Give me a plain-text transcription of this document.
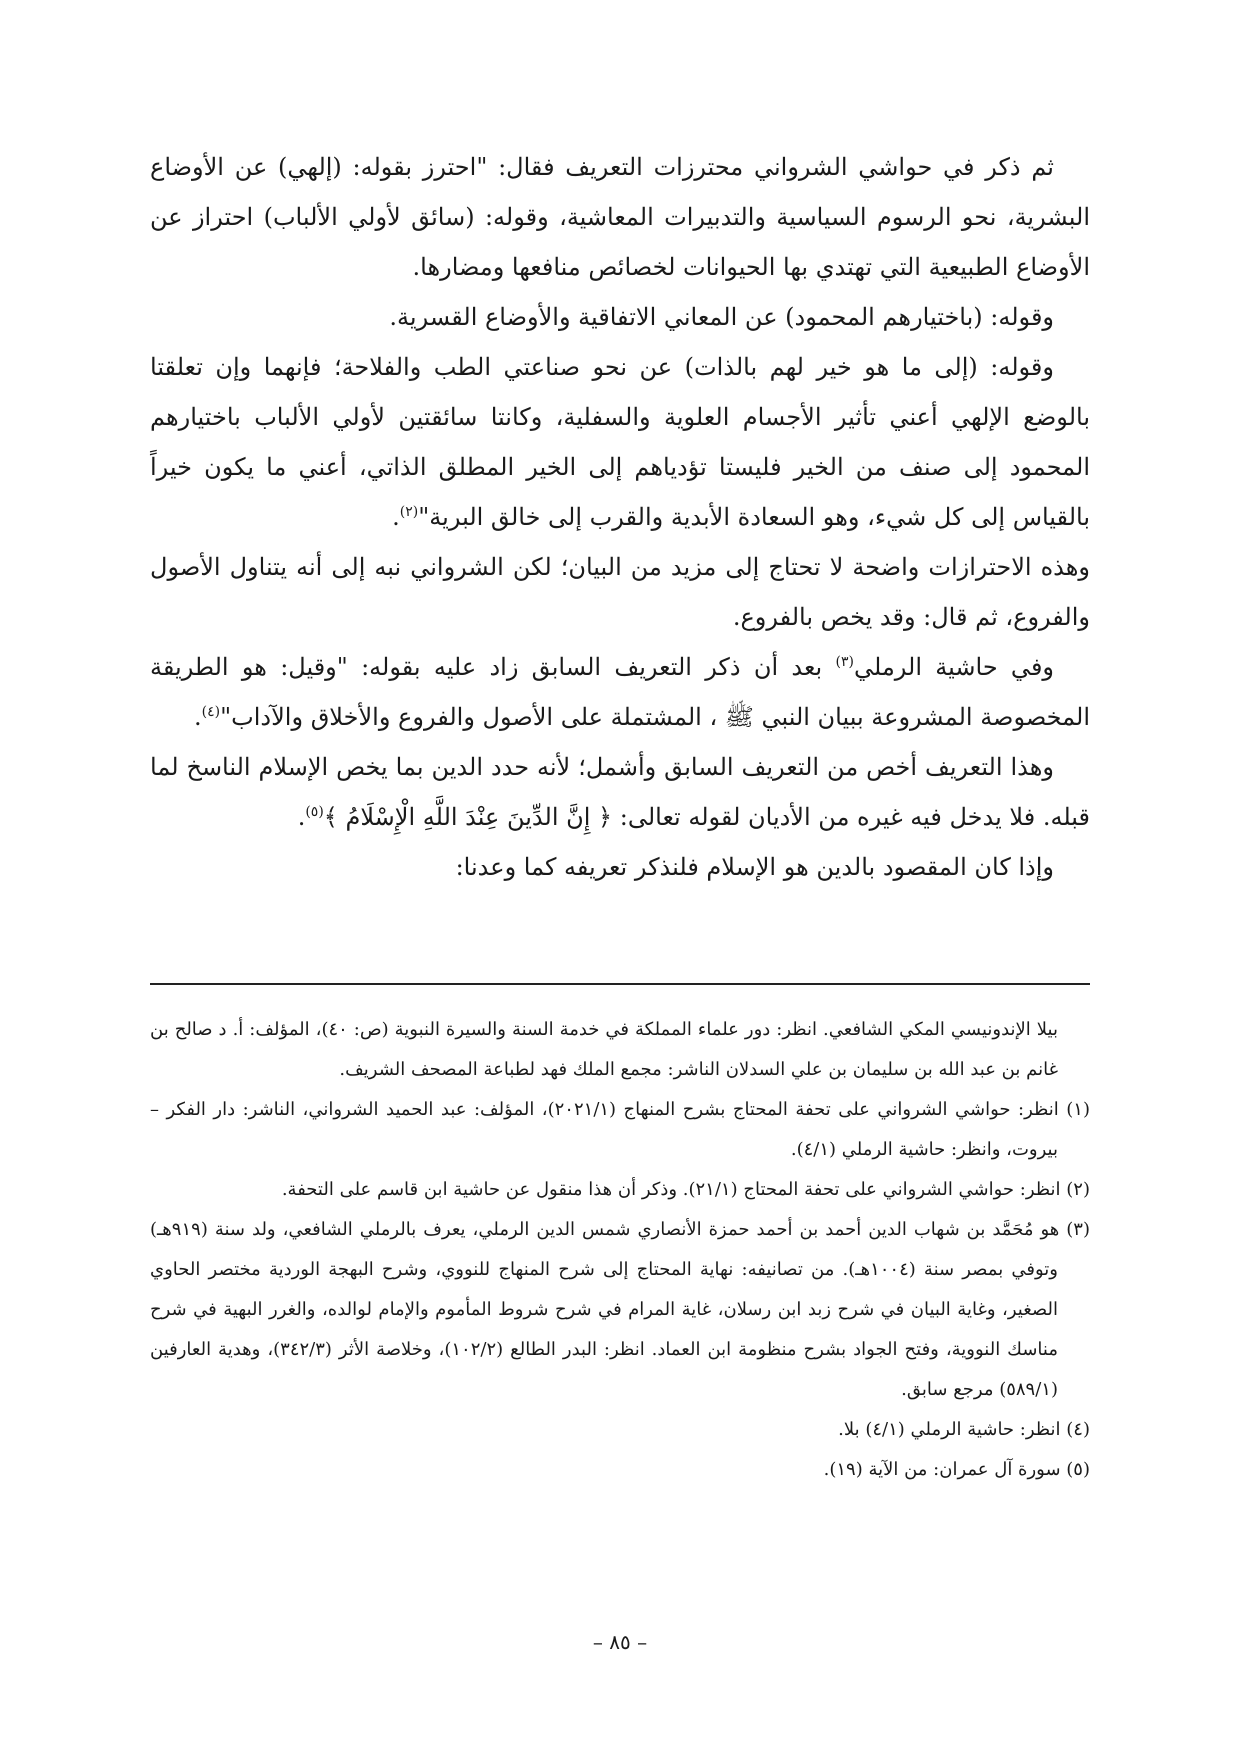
ثم ذكر في حواشي الشرواني محترزات التعريف فقال: "احترز بقوله: (إلهي) عن الأوضاع البشرية، نحو الرسوم السياسية والتدبيرات المعاشية، وقوله: (سائق لأولي الألباب) احتراز عن الأوضاع الطبيعية التي تهتدي بها الحيوانات لخصائص منافعها ومضارها.

وقوله: (باختيارهم المحمود) عن المعاني الاتفاقية والأوضاع القسرية.

وقوله: (إلى ما هو خير لهم بالذات) عن نحو صناعتي الطب والفلاحة؛ فإنهما وإن تعلقتا بالوضع الإلهي أعني تأثير الأجسام العلوية والسفلية، وكانتا سائقتين لأولي الألباب باختيارهم المحمود إلى صنف من الخير فليستا تؤدياهم إلى الخير المطلق الذاتي، أعني ما يكون خيراً بالقياس إلى كل شيء، وهو السعادة الأبدية والقرب إلى خالق البرية"$^{(٢)}$.

وهذه الاحترازات واضحة لا تحتاج إلى مزيد من البيان؛ لكن الشرواني نبه إلى أنه يتناول الأصول والفروع، ثم قال: وقد يخص بالفروع.

وفي حاشية الرملي$^{(٣)}$ بعد أن ذكر التعريف السابق زاد عليه بقوله: "وقيل: هو الطريقة المخصوصة المشروعة ببيان النبي ﷺ ، المشتملة على الأصول والفروع والأخلاق والآداب"$^{(٤)}$.

وهذا التعريف أخص من التعريف السابق وأشمل؛ لأنه حدد الدين بما يخص الإسلام الناسخ لما قبله. فلا يدخل فيه غيره من الأديان لقوله تعالى: ﴿ إِنَّ الدِّينَ عِنْدَ اللَّهِ الْإِسْلَامُ ﴾$^{(٥)}$.

وإذا كان المقصود بالدين هو الإسلام فلنذكر تعريفه كما وعدنا:

بيلا الإندونيسي المكي الشافعي. انظر: دور علماء المملكة في خدمة السنة والسيرة النبوية (ص: ٤٠)، المؤلف: أ. د صالح بن غانم بن عبد الله بن سليمان بن علي السدلان الناشر: مجمع الملك فهد لطباعة المصحف الشريف.

(١) انظر: حواشي الشرواني على تحفة المحتاج بشرح المنهاج (٢٠٢١/١)، المؤلف: عبد الحميد الشرواني، الناشر: دار الفكر – بيروت، وانظر: حاشية الرملي (٤/١).

(٢) انظر: حواشي الشرواني على تحفة المحتاج (٢١/١). وذكر أن هذا منقول عن حاشية ابن قاسم على التحفة.

(٣) هو مُحَمَّد بن شهاب الدين أحمد بن أحمد حمزة الأنصاري شمس الدين الرملي، يعرف بالرملي الشافعي، ولد سنة (٩١٩هـ) وتوفي بمصر سنة (١٠٠٤هـ). من تصانيفه: نهاية المحتاج إلى شرح المنهاج للنووي، وشرح البهجة الوردية مختصر الحاوي الصغير، وغاية البيان في شرح زبد ابن رسلان، غاية المرام في شرح شروط المأموم والإمام لوالده، والغرر البهية في شرح مناسك النووية، وفتح الجواد بشرح منظومة ابن العماد. انظر: البدر الطالع (١٠٢/٢)، وخلاصة الأثر (٣٤٢/٣)، وهدية العارفين (٥٨٩/١) مرجع سابق.

(٤) انظر: حاشية الرملي (٤/١) بلا.

(٥) سورة آل عمران: من الآية (١٩).

– ٨٥ –
